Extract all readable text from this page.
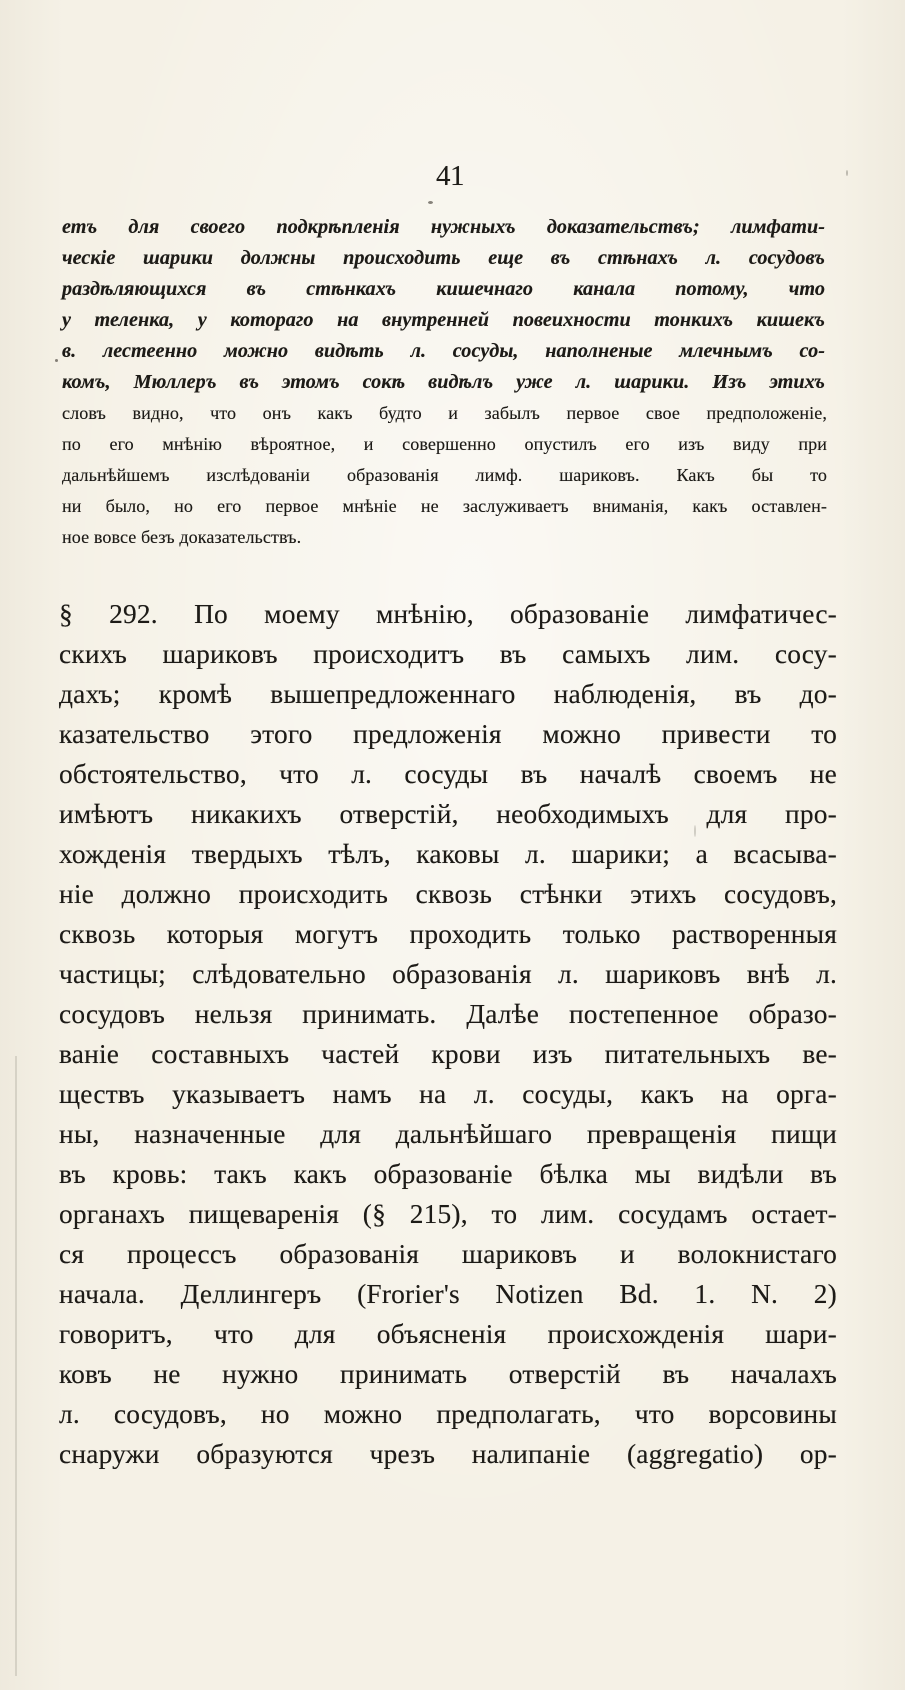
41
етъ для своего подкрѣпленія нужныхъ доказательствъ; лимфати-
ческіе шарики должны происходить еще въ стѣнахъ л. сосудовъ
раздѣляющихся въ стѣнкахъ кишечнаго канала потому, что
у теленка, у котораго на внутренней повеихности тонкихъ кишекъ
в. лестеенно можно видѣть л. сосуды, наполненые млечнымъ со-
комъ, Мюллеръ въ этомъ сокѣ видѣлъ уже л. шарики. Изъ этихъ
словъ видно, что онъ какъ будто и забылъ первое свое предположеніе,
по его мнѣнію вѣроятное, и совершенно опустилъ его изъ виду при
дальнѣйшемъ изслѣдованіи образованія лимф. шариковъ. Какъ бы то
ни было, но его первое мнѣніе не заслуживаетъ вниманія, какъ оставлен-
ное вовсе безъ доказательствъ.
§ 292. По моему мнѣнію, образованіе лимфатичес-
скихъ шариковъ происходитъ въ самыхъ лим. сосу-
дахъ; кромѣ вышепредложеннаго наблюденія, въ до-
казательство этого предложенія можно привести то
обстоятельство, что л. сосуды въ началѣ своемъ не
имѣютъ никакихъ отверстій, необходимыхъ для про-
хожденія твердыхъ тѣлъ, каковы л. шарики; а всасыва-
ніе должно происходить сквозь стѣнки этихъ сосудовъ,
сквозь которыя могутъ проходить только растворенныя
частицы; слѣдовательно образованія л. шариковъ внѣ л.
сосудовъ нельзя принимать. Далѣе постепенное образо-
ваніе составныхъ частей крови изъ питательныхъ ве-
ществъ указываетъ намъ на л. сосуды, какъ на орга-
ны, назначенные для дальнѣйшаго превращенія пищи
въ кровь: такъ какъ образованіе бѣлка мы видѣли въ
органахъ пищеваренія (§ 215), то лим. сосудамъ остает-
ся процессъ образованія шариковъ и волокнистаго
начала. Деллингеръ (Frorier's Notizen Bd. 1. N. 2)
говоритъ, что для объясненія происхожденія шари-
ковъ не нужно принимать отверстій въ началахъ
л. сосудовъ, но можно предполагать, что ворсовины
снаружи образуются чрезъ налипаніе (aggregatio) ор-
